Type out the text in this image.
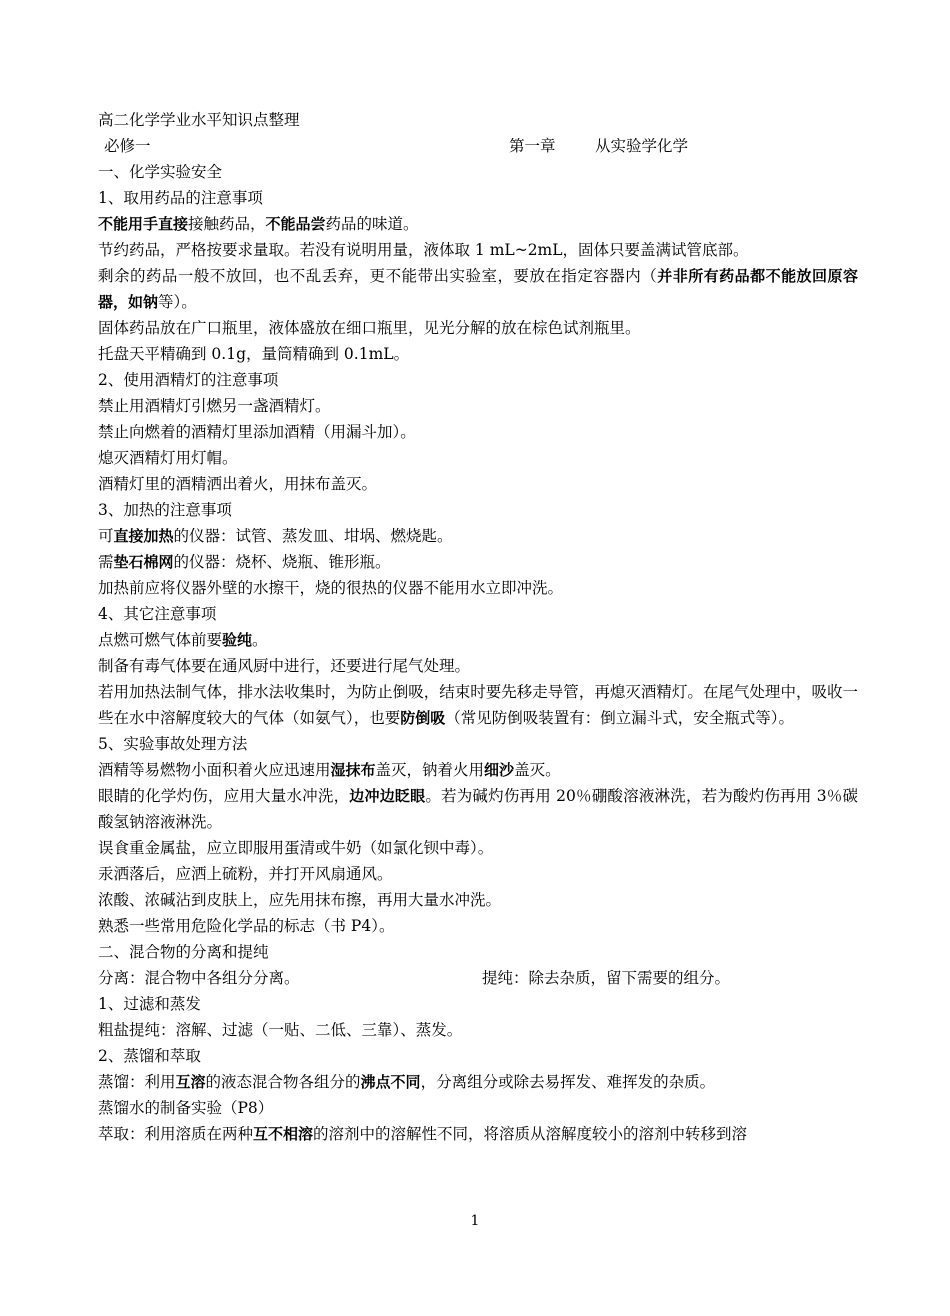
高二化学学业水平知识点整理
必修一	第一章	从实验学化学
一、化学实验安全
1、取用药品的注意事项
不能用手直接接触药品，不能品尝药品的味道。
节约药品，严格按要求量取。若没有说明用量，液体取 1 mL~2mL，固体只要盖满试管底部。
剩余的药品一般不放回，也不乱丢弃，更不能带出实验室，要放在指定容器内（并非所有药品都不能放回原容器，如钠等）。
固体药品放在广口瓶里，液体盛放在细口瓶里，见光分解的放在棕色试剂瓶里。
托盘天平精确到 0.1g，量筒精确到 0.1mL。
2、使用酒精灯的注意事项
禁止用酒精灯引燃另一盏酒精灯。
禁止向燃着的酒精灯里添加酒精（用漏斗加）。
熄灭酒精灯用灯帽。
酒精灯里的酒精洒出着火，用抹布盖灭。
3、加热的注意事项
可直接加热的仪器：试管、蒸发皿、坩埚、燃烧匙。
需垫石棉网的仪器：烧杯、烧瓶、锥形瓶。
加热前应将仪器外壁的水擦干，烧的很热的仪器不能用水立即冲洗。
4、其它注意事项
点燃可燃气体前要验纯。
制备有毒气体要在通风厨中进行，还要进行尾气处理。
若用加热法制气体，排水法收集时，为防止倒吸，结束时要先移走导管，再熄灭酒精灯。在尾气处理中，吸收一些在水中溶解度较大的气体（如氨气），也要防倒吸（常见防倒吸装置有：倒立漏斗式，安全瓶式等）。
5、实验事故处理方法
酒精等易燃物小面积着火应迅速用湿抹布盖灭，钠着火用细沙盖灭。
眼睛的化学灼伤，应用大量水冲洗，边冲边眨眼。若为碱灼伤再用 20％硼酸溶液淋洗，若为酸灼伤再用 3％碳酸氢钠溶液淋洗。
误食重金属盐，应立即服用蛋清或牛奶（如氯化钡中毒）。
汞洒落后，应洒上硫粉，并打开风扇通风。
浓酸、浓碱沾到皮肤上，应先用抹布擦，再用大量水冲洗。
熟悉一些常用危险化学品的标志（书 P4）。
二、混合物的分离和提纯
分离：混合物中各组分分离。	提纯：除去杂质，留下需要的组分。
1、过滤和蒸发
粗盐提纯：溶解、过滤（一贴、二低、三靠）、蒸发。
2、蒸馏和萃取
蒸馏：利用互溶的液态混合物各组分的沸点不同，分离组分或除去易挥发、难挥发的杂质。
蒸馏水的制备实验（P8）
萃取：利用溶质在两种互不相溶的溶剂中的溶解性不同，将溶质从溶解度较小的溶剂中转移到溶
1
